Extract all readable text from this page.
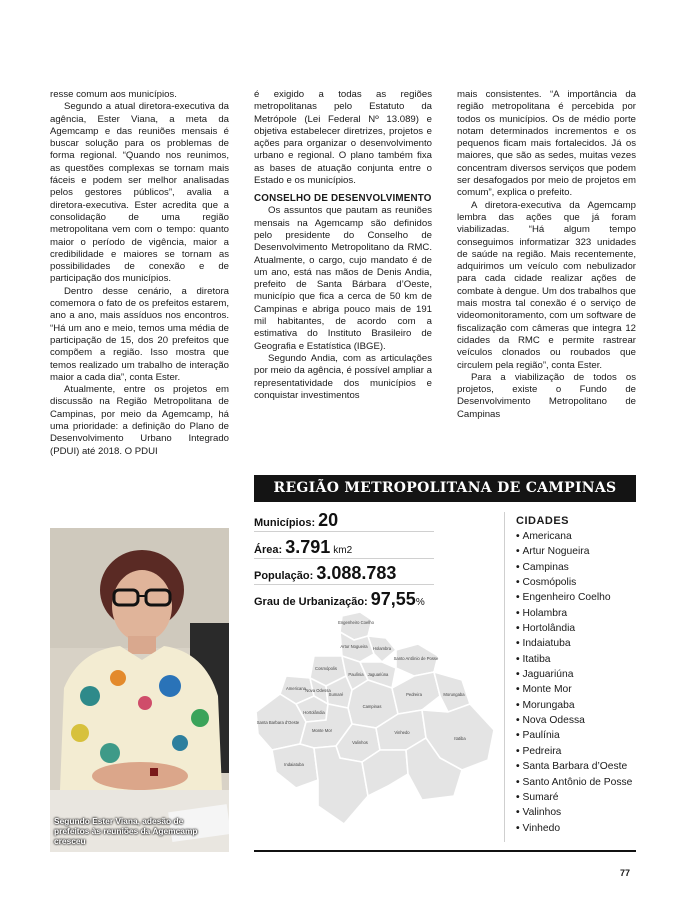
resse comum aos municípios.

Segundo a atual diretora-executiva da agência, Ester Viana, a meta da Agemcamp e das reuniões mensais é buscar solução para os problemas de forma regional. “Quando nos reunimos, as questões complexas se tornam mais fáceis e podem ser melhor analisadas pelos gestores públicos”, avalia a diretora-executiva. Ester acredita que a consolidação de uma região metropolitana vem com o tempo: quanto maior o período de vigência, maior a credibilidade e maiores se tornam as possibilidades de conexão e de participação dos municípios.

Dentro desse cenário, a diretora comemora o fato de os prefeitos estarem, ano a ano, mais assíduos nos encontros. “Há um ano e meio, temos uma média de participação de 15, dos 20 prefeitos que compõem a região. Isso mostra que temos realizado um trabalho de interação maior a cada dia”, conta Ester.

Atualmente, entre os projetos em discussão na Região Metropolitana de Campinas, por meio da Agemcamp, há uma prioridade: a definição do Plano de Desenvolvimento Urbano Integrado (PDUI) até 2018. O PDUI

é exigido a todas as regiões metropolitanas pelo Estatuto da Metrópole (Lei Federal Nº 13.089) e objetiva estabelecer diretrizes, projetos e ações para organizar o desenvolvimento urbano e regional. O plano também fixa as bases de atuação conjunta entre o Estado e os municípios.

CONSELHO DE DESENVOLVIMENTO

Os assuntos que pautam as reuniões mensais na Agemcamp são definidos pelo presidente do Conselho de Desenvolvimento Metropolitano da RMC. Atualmente, o cargo, cujo mandato é de um ano, está nas mãos de Denis Andia, prefeito de Santa Bárbara d’Oeste, município que fica a cerca de 50 km de Campinas e abriga pouco mais de 191 mil habitantes, de acordo com a estimativa do Instituto Brasileiro de Geografia e Estatística (IBGE).

Segundo Andia, com as articulações por meio da agência, é possível ampliar a representatividade dos municípios e conquistar investimentos

mais consistentes. “A importância da região metropolitana é percebida por todos os municípios. Os de médio porte notam determinados incrementos e os pequenos ficam mais fortalecidos. Já os maiores, que são as sedes, muitas vezes concentram diversos serviços que podem ser desafogados por meio de projetos em comum”, explica o prefeito.

A diretora-executiva da Agemcamp lembra das ações que já foram viabilizadas. “Há algum tempo conseguimos informatizar 323 unidades de saúde na região. Mais recentemente, adquirimos um veículo com nebulizador para cada cidade realizar ações de combate à dengue. Um dos trabalhos que mais mostra tal conexão é o serviço de videomonitoramento, com um software de fiscalização com câmeras que integra 12 cidades da RMC e permite rastrear veículos clonados ou roubados que circulem pela região”, conta Ester.

Para a viabilização de todos os projetos, existe o Fundo de Desenvolvimento Metropolitano de Campinas

Segundo Ester Viana, adesão de prefeitos às reuniões da Agemcamp cresceu
REGIÃO METROPOLITANA DE CAMPINAS
Municípios: 20
Área: 3.791 km2
População: 3.088.783
Grau de Urbanização: 97,55%
Engenheiro Coelho
Artur Nogueira Holambra
Santo Antônio de Posse
Cosmópolis
Paulínia Jaguariúna
Americana Nova Odessa
Sumaré
Hortolândia
Campinas
Pedreira	Morungaba
Santa Barbara d'Oeste
Monte Mor
Indaiatuba
Valinhos
Vinhedo
Itatiba
CIDADES
• Americana
• Artur Nogueira
• Campinas
• Cosmópolis
• Engenheiro Coelho
• Holambra
• Hortolândia
• Indaiatuba
• Itatiba
• Jaguariúna
• Monte Mor
• Morungaba
• Nova Odessa
• Paulínia
• Pedreira
• Santa Barbara d’Oeste
• Santo Antônio de Posse
• Sumaré
• Valinhos
• Vinhedo
77
